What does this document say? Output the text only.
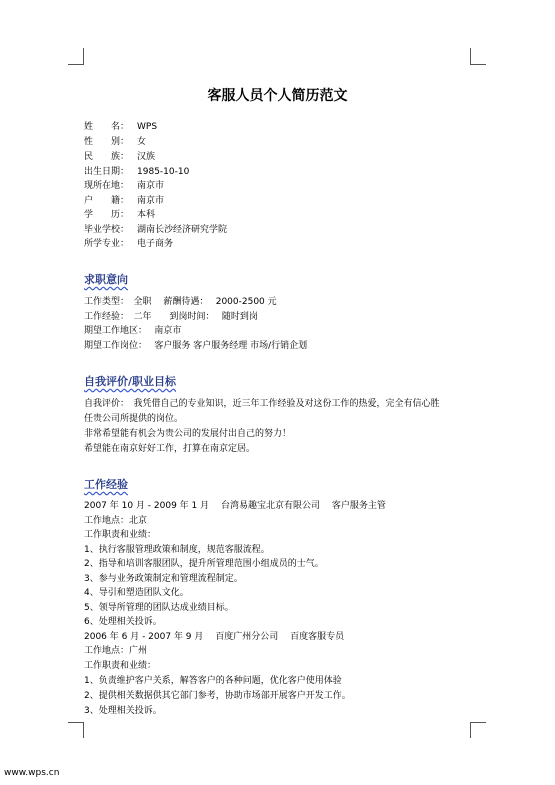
客服人员个人简历范文
姓　　名： WPS
性　　别： 女
民　　族： 汉族
出生日期： 1985-10-10
现所在地： 南京市
户　　籍： 南京市
学　　历： 本科
毕业学校： 湖南长沙经济研究学院
所学专业： 电子商务
求职意向
工作类型：　全职　 薪酬待遇：　 2000-2500 元
工作经验：　二年　　到岗时间：　 随时到岗
期望工作地区：　 南京市
期望工作岗位：　 客户服务 客户服务经理 市场/行销企划
自我评价/职业目标
自我评价：　我凭借自己的专业知识，近三年工作经验及对这份工作的热爱，完全有信心胜
任贵公司所提供的岗位。
非常希望能有机会为贵公司的发展付出自己的努力！
希望能在南京好好工作，打算在南京定居。
工作经验
2007 年 10 月 - 2009 年 1 月　 台湾易趣宝北京有限公司　 客户服务主管
工作地点：北京
工作职责和业绩：
1、执行客服管理政策和制度，规范客服流程。
2、指导和培训客服团队，提升所管理范围小组成员的士气。
3、参与业务政策制定和管理流程制定。
4、导引和塑造团队文化。
5、领导所管理的团队达成业绩目标。
6、处理相关投诉。
2006 年 6 月 - 2007 年 9 月　 百度广州分公司　 百度客服专员
工作地点：广州
工作职责和业绩：
1、负责维护客户关系，解答客户的各种问题，优化客户使用体验
2、提供相关数据供其它部门参考，协助市场部开展客户开发工作。
3、处理相关投诉。
www.wps.cn
